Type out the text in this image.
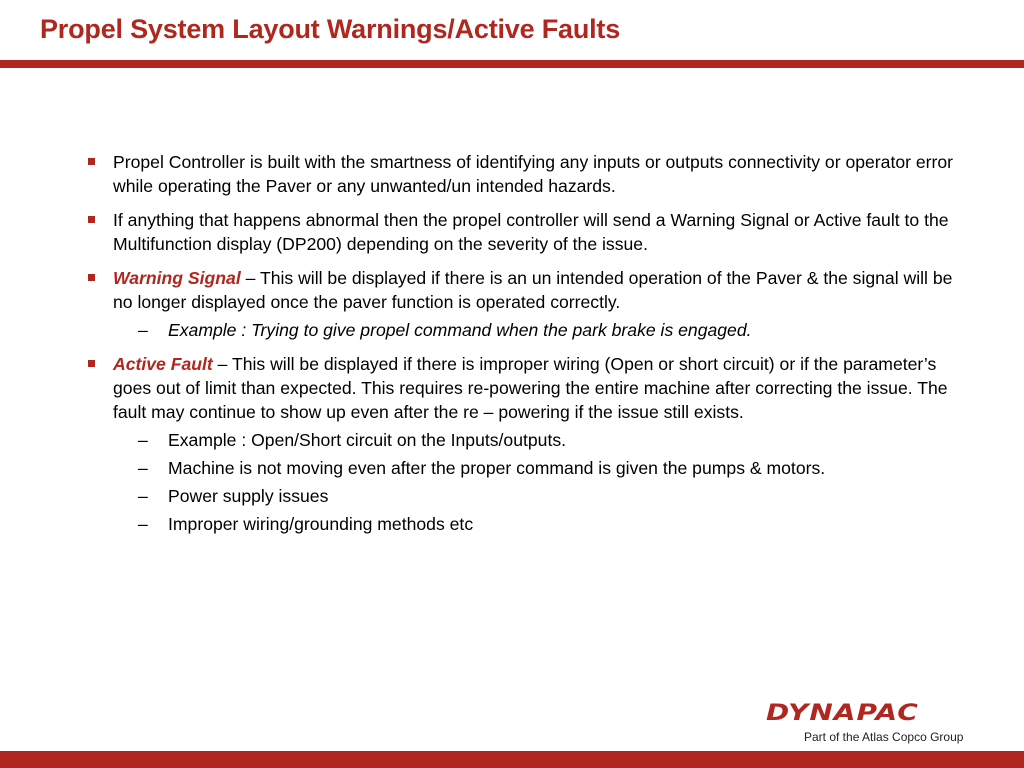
Propel System Layout Warnings/Active Faults
Propel Controller is built with the smartness of identifying any inputs or outputs connectivity or operator error while operating the Paver or any unwanted/un intended hazards.
If anything that happens abnormal then the propel controller will send a Warning Signal or Active fault to the Multifunction display (DP200) depending on the severity of the issue.
Warning Signal – This will be displayed if there is an un intended operation of the Paver & the signal will be no longer displayed once the paver function is operated correctly.
– Example : Trying to give propel command when the park brake is engaged.
Active Fault – This will be displayed if there is improper wiring (Open or short circuit) or if the parameter’s goes out of limit than expected. This requires re-powering the entire machine after correcting the issue. The fault may continue to show up even after the re – powering if the issue still exists.
– Example : Open/Short circuit on the Inputs/outputs.
– Machine is not moving even after the proper command is given the pumps & motors.
– Power supply issues
– Improper wiring/grounding methods etc
DYNAPAC
Part of the Atlas Copco Group
